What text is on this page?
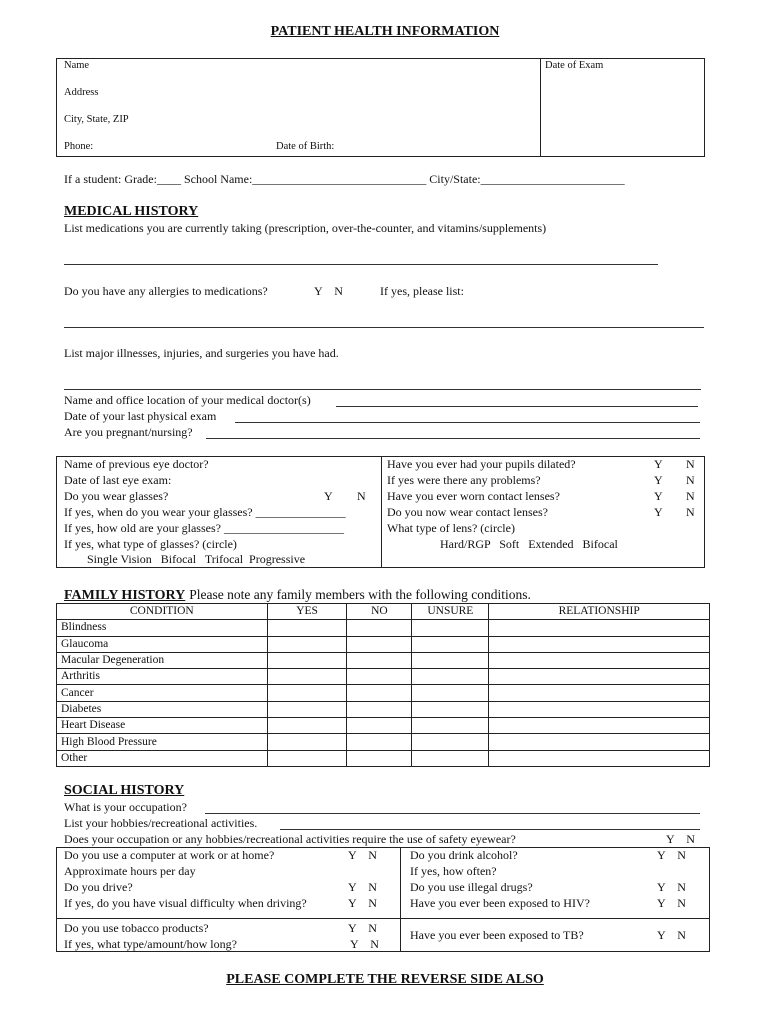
PATIENT HEALTH INFORMATION
Name	Date of Exam
Address
City, State, ZIP
Phone:	Date of Birth:
If a student: Grade:____ School Name:_____________________________ City/State:________________________
MEDICAL HISTORY
List medications you are currently taking (prescription, over-the-counter, and vitamins/supplements)
Do you have any allergies to medications?	Y    N	If yes, please list:
List major illnesses, injuries, and surgeries you have had.
Name and office location of your medical doctor(s)
Date of your last physical exam
Are you pregnant/nursing?
Name of previous eye doctor?
Date of last eye exam:
Do you wear glasses?	Y N
If yes, when do you wear your glasses? _______________
If yes, how old are your glasses? ____________________
If yes, what type of glasses? (circle)
Single Vision   Bifocal   Trifocal  Progressive
Have you ever had your pupils dilated?	Y N
If yes were there any problems?	Y N
Have you ever worn contact lenses?	Y N
Do you now wear contact lenses?	Y N
What type of lens? (circle)
Hard/RGP   Soft   Extended   Bifocal
FAMILY HISTORY Please note any family members with the following conditions.
CONDITION	YES	NO	UNSURE	RELATIONSHIP
Blindness				
Glaucoma				
Macular Degeneration				
Arthritis				
Cancer				
Diabetes				
Heart Disease				
High Blood Pressure				
Other				
SOCIAL HISTORY
What is your occupation?
List your hobbies/recreational activities.
Does your occupation or any hobbies/recreational activities require the use of safety eyewear?	Y    N
Do you use a computer at work or at home?	Y    N
Approximate hours per day
Do you drive?	Y    N
If yes, do you have visual difficulty when driving?	Y    N
Do you use tobacco products?	Y    N
If yes, what type/amount/how long?	Y    N
Do you drink alcohol?	Y    N
If yes, how often?
Do you use illegal drugs?	Y    N
Have you ever been exposed to HIV?	Y    N
Have you ever been exposed to TB?	Y    N
PLEASE COMPLETE THE REVERSE SIDE ALSO
